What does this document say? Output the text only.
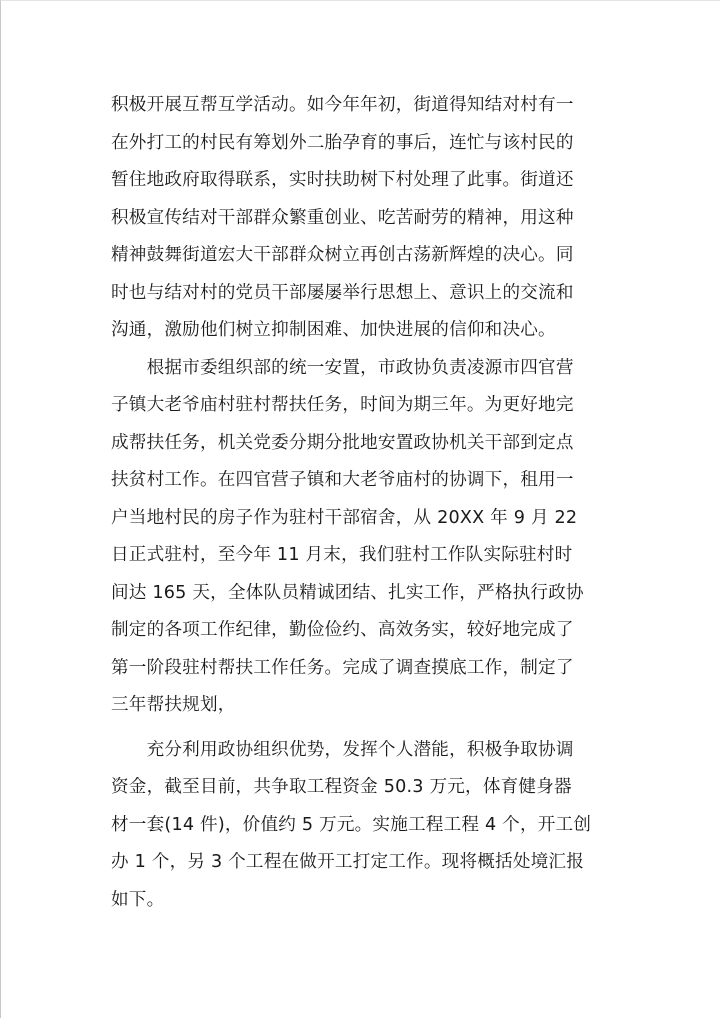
积极开展互帮互学活动。如今年年初，街道得知结对村有一
在外打工的村民有筹划外二胎孕育的事后，连忙与该村民的
暂住地政府取得联系，实时扶助树下村处理了此事。街道还
积极宣传结对干部群众繁重创业、吃苦耐劳的精神，用这种
精神鼓舞街道宏大干部群众树立再创古荡新辉煌的决心。同
时也与结对村的党员干部屡屡举行思想上、意识上的交流和
沟通，激励他们树立抑制困难、加快进展的信仰和决心。
　　根据市委组织部的统一安置，市政协负责凌源市四官营
子镇大老爷庙村驻村帮扶任务，时间为期三年。为更好地完
成帮扶任务，机关党委分期分批地安置政协机关干部到定点
扶贫村工作。在四官营子镇和大老爷庙村的协调下，租用一
户当地村民的房子作为驻村干部宿舍，从 20XX 年 9 月 22
日正式驻村，至今年 11 月末，我们驻村工作队实际驻村时
间达 165 天，全体队员精诚团结、扎实工作，严格执行政协
制定的各项工作纪律，勤俭俭约、高效务实，较好地完成了
第一阶段驻村帮扶工作任务。完成了调查摸底工作，制定了
三年帮扶规划，
　　充分利用政协组织优势，发挥个人潜能，积极争取协调
资金，截至目前，共争取工程资金 50.3 万元，体育健身器
材一套(14 件)，价值约 5 万元。实施工程工程 4 个，开工创
办 1 个，另 3 个工程在做开工打定工作。现将概括处境汇报
如下。
